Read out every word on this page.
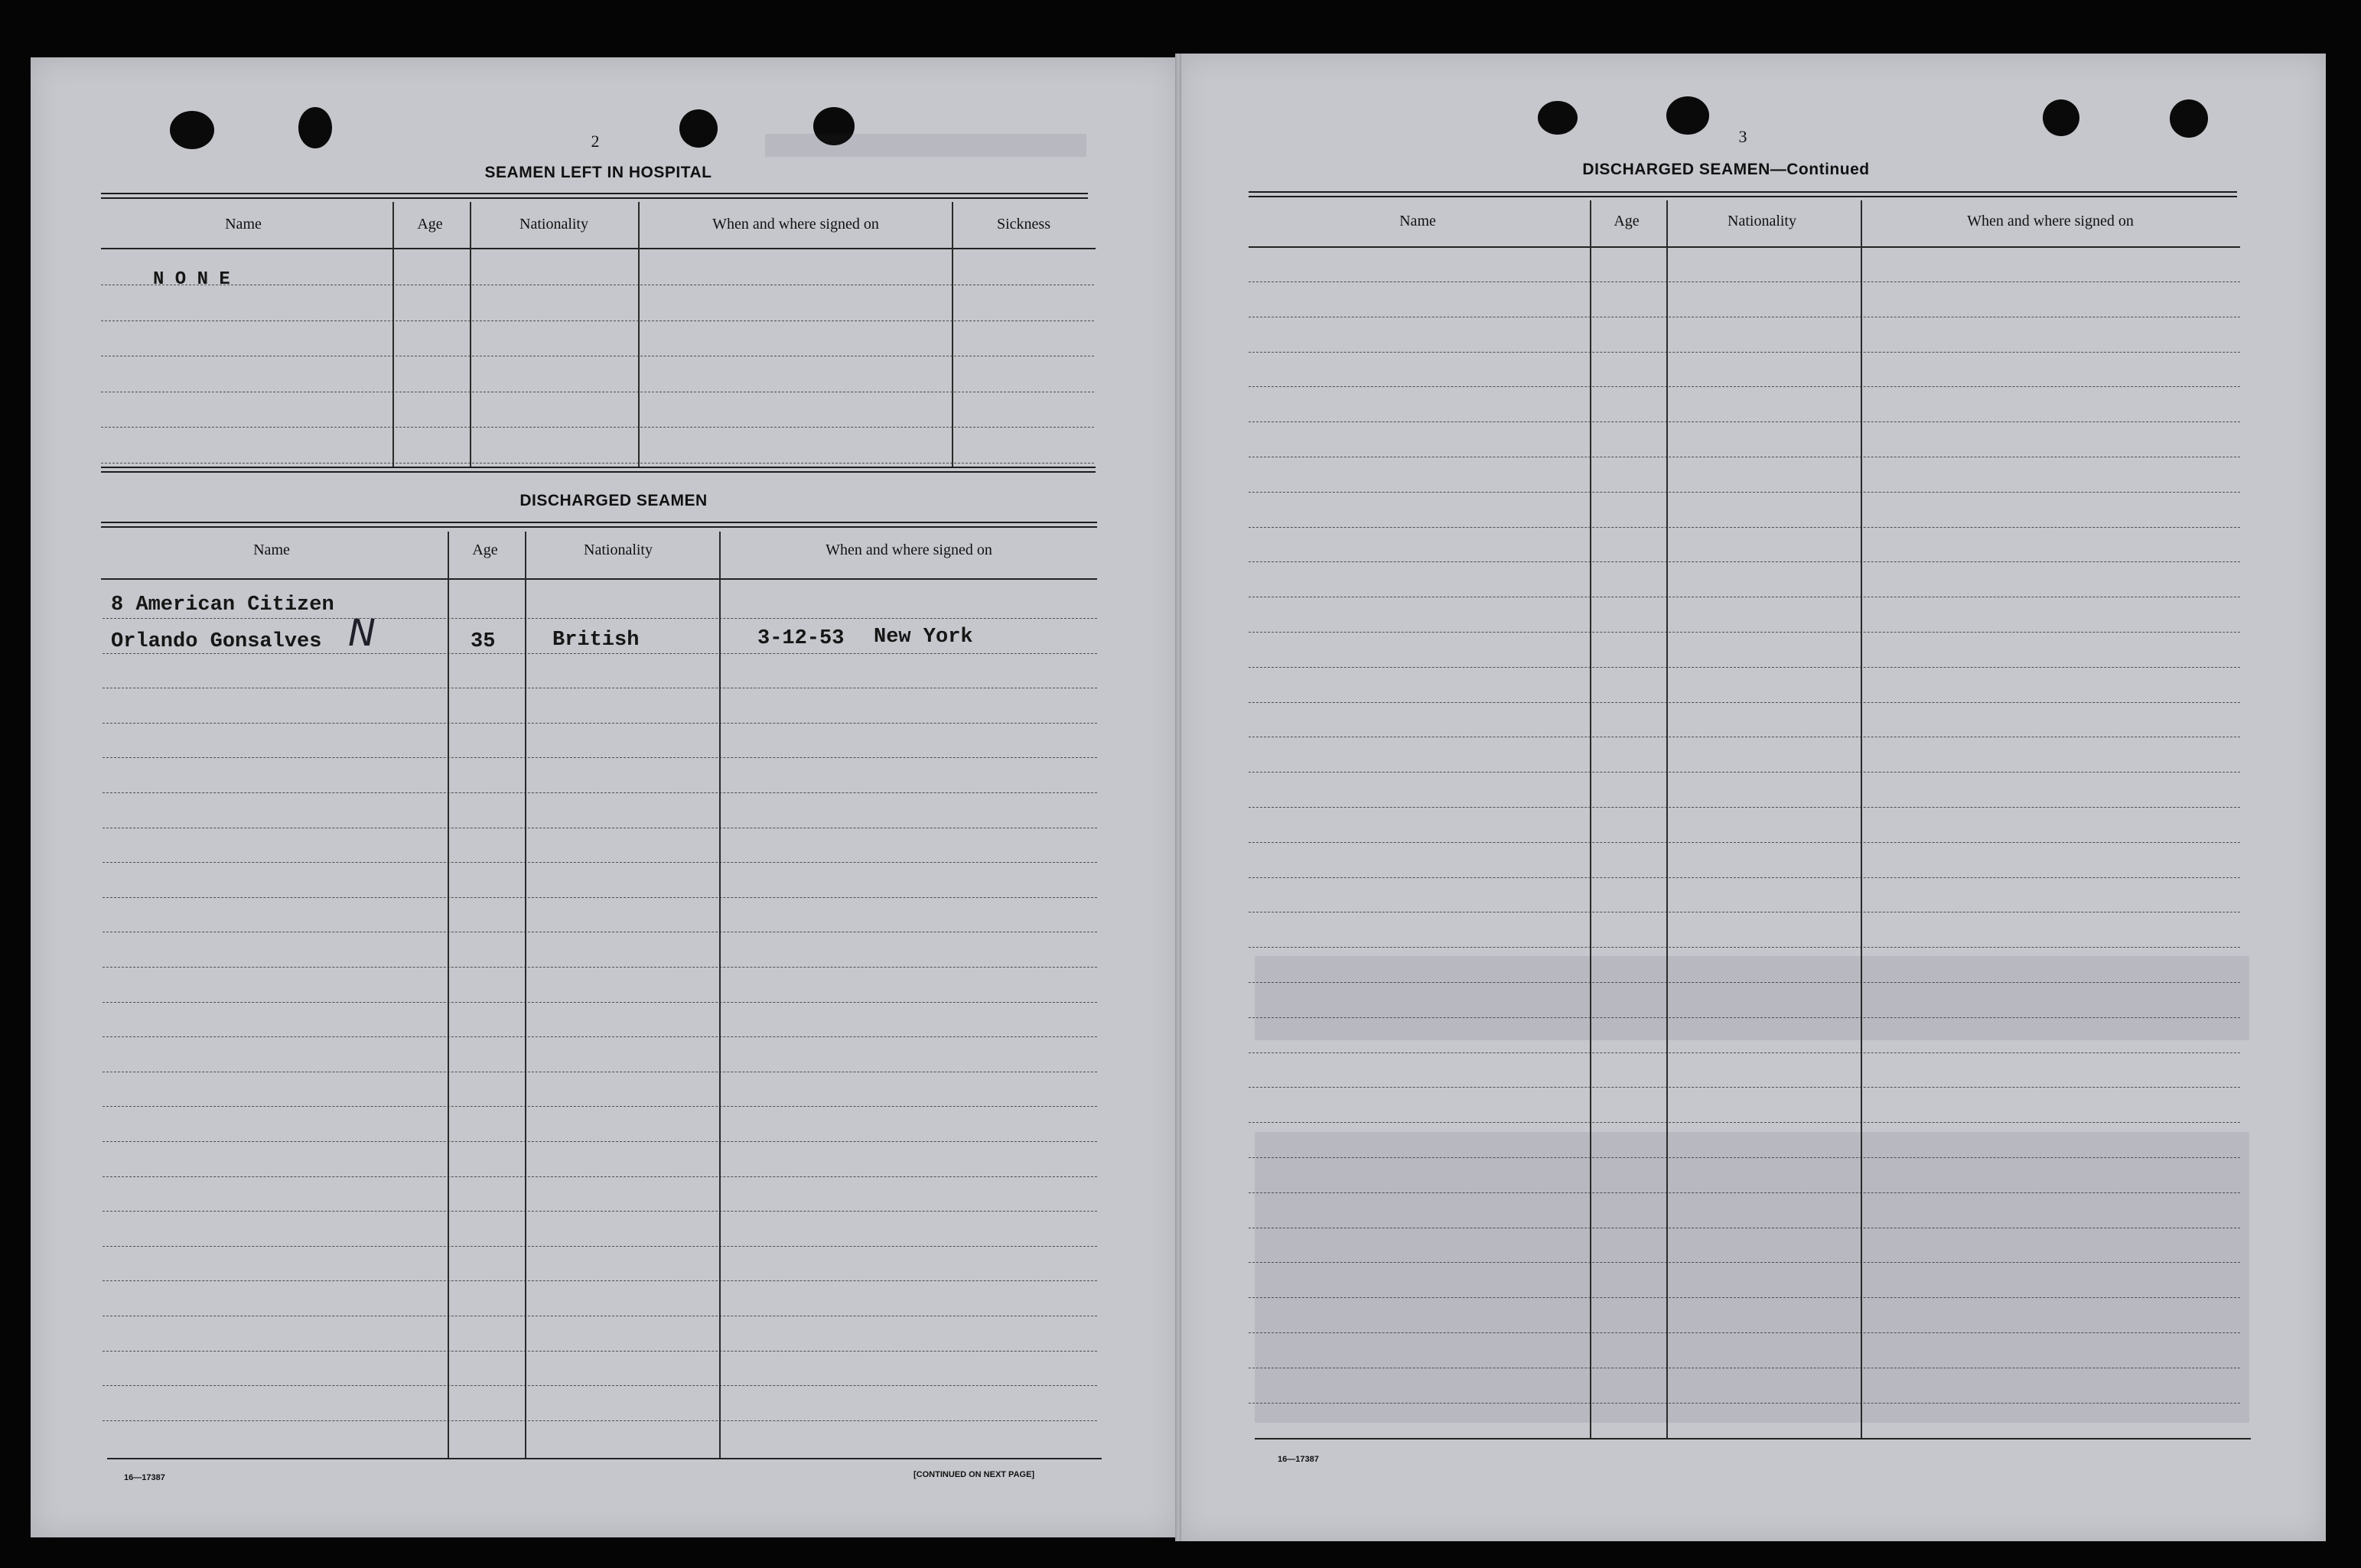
2
SEAMEN LEFT IN HOSPITAL
Name	Age	Nationality	When and where signed on	Sickness
N O N E
DISCHARGED SEAMEN
Name	Age	Nationality	When and where signed on
8 American Citizen
Orlando Gonsalves N	35	British	3-12-53 New York
16—17387	[CONTINUED ON NEXT PAGE]
3
DISCHARGED SEAMEN—Continued
Name	Age	Nationality	When and where signed on
16—17387
